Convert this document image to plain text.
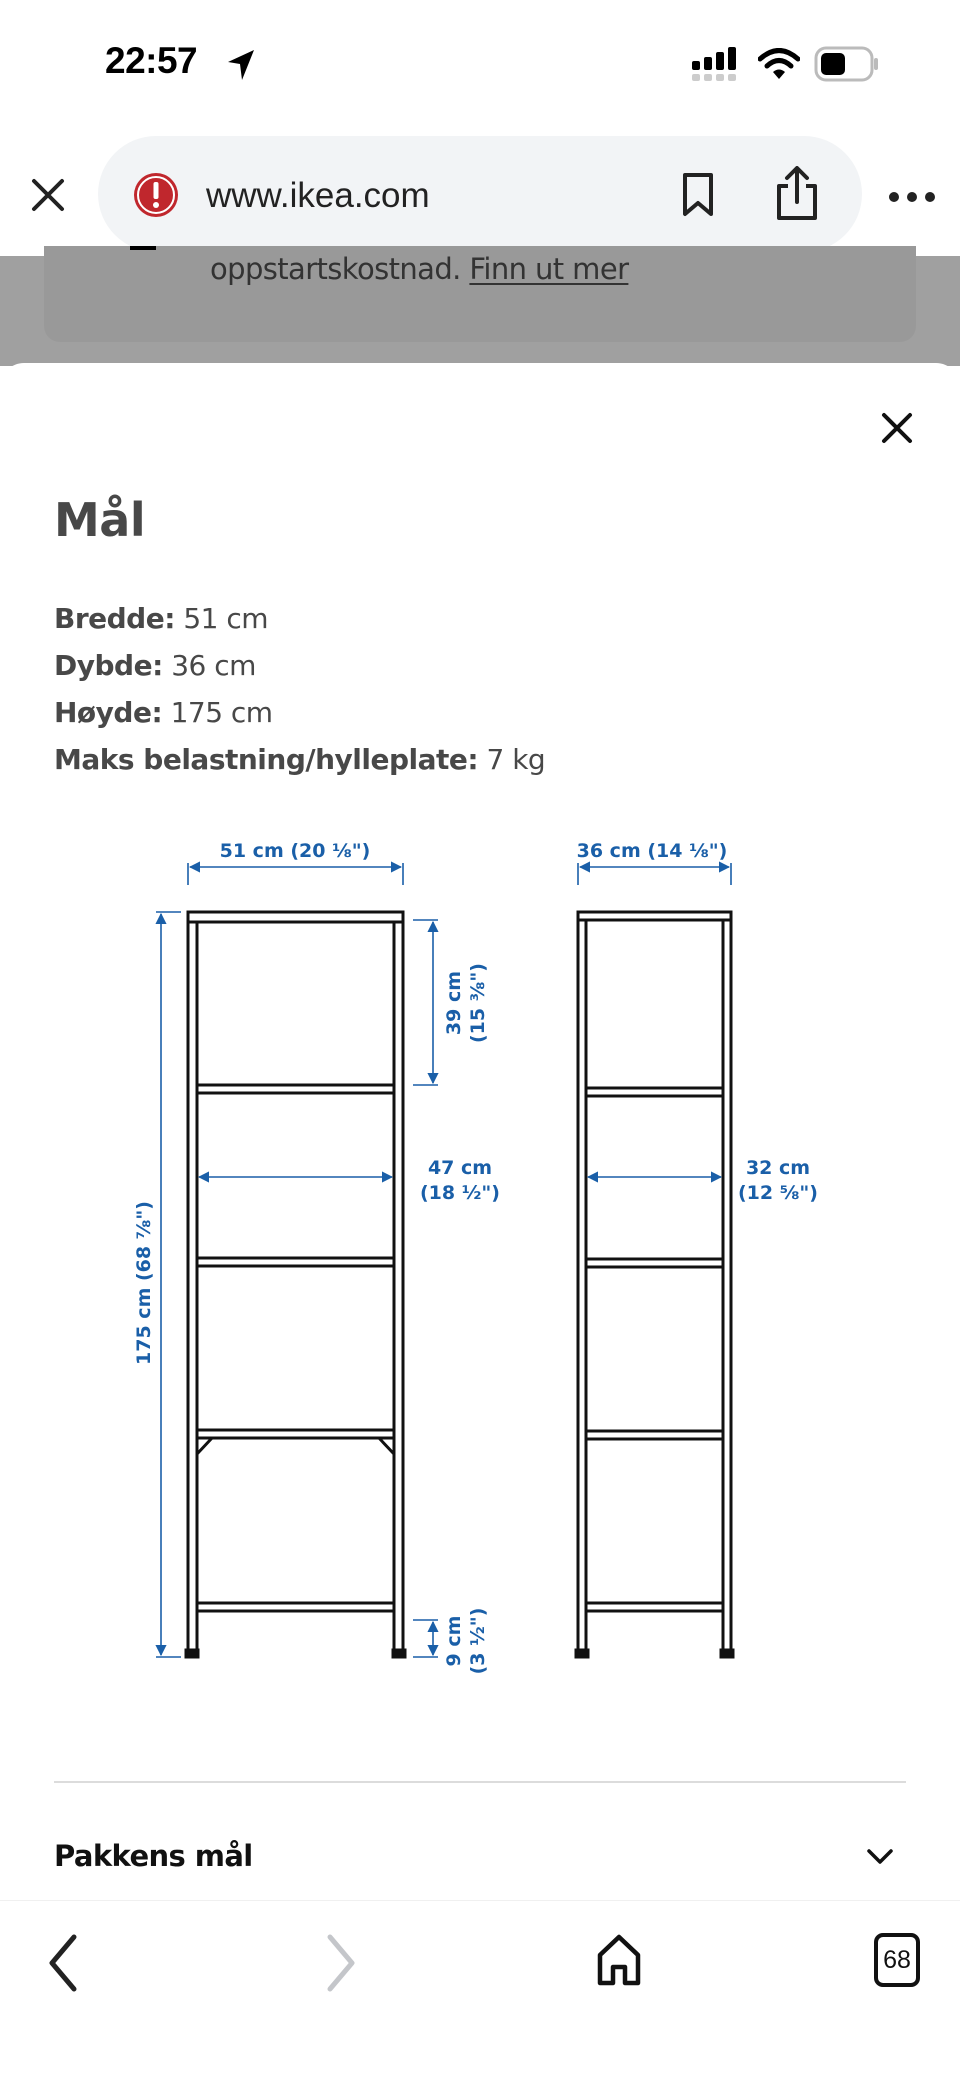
22:57
www.ikea.com
oppstartskostnad. Finn ut mer
Mål
Bredde: 51 cm
Dybde: 36 cm
Høyde: 175 cm
Maks belastning/hylleplate: 7 kg
51 cm (20 ⅛")
175 cm (68 ⅞")
39 cm (15 ⅜")
47 cm
(18 ½")
9 cm (3 ½")
36 cm (14 ⅛")
32 cm
(12 ⅝")
Pakkens mål
68
